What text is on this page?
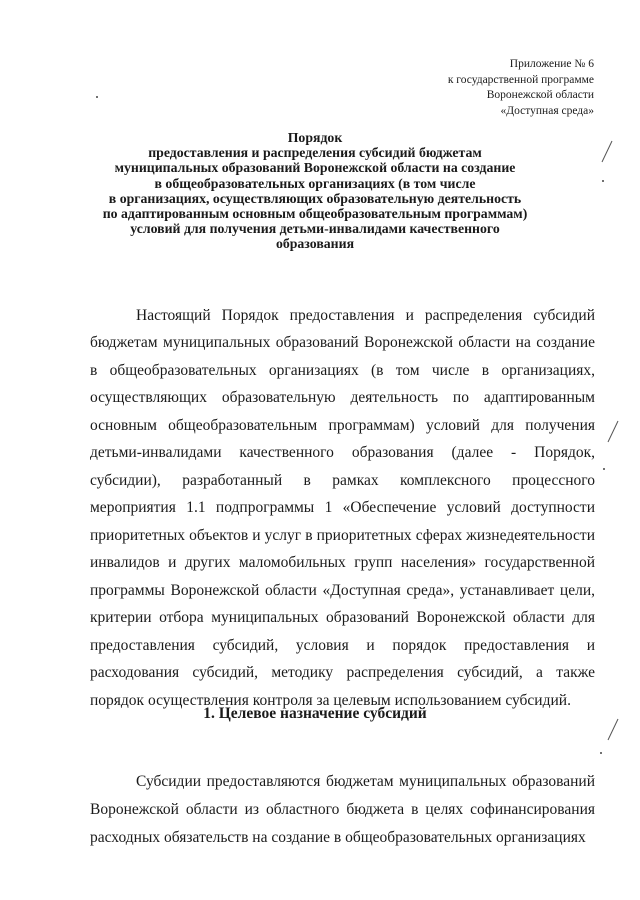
Приложение № 6
к государственной программе
Воронежской области
«Доступная среда»
Порядок
предоставления и распределения субсидий бюджетам
муниципальных образований Воронежской области на создание
в общеобразовательных организациях (в том числе
в организациях, осуществляющих образовательную деятельность
по адаптированным основным общеобразовательным программам)
условий для получения детьми-инвалидами качественного
образования

Настоящий Порядок предоставления и распределения субсидий бюджетам муниципальных образований Воронежской области на создание в общеобразовательных организациях (в том числе в организациях, осуществляющих образовательную деятельность по адаптированным основным общеобразовательным программам) условий для получения детьми-инвалидами качественного образования (далее - Порядок, субсидии), разработанный в рамках комплексного процессного мероприятия 1.1 подпрограммы 1 «Обеспечение условий доступности приоритетных объектов и услуг в приоритетных сферах жизнедеятельности инвалидов и других маломобильных групп населения» государственной программы Воронежской области «Доступная среда», устанавливает цели, критерии отбора муниципальных образований Воронежской области для предоставления субсидий, условия и порядок предоставления и расходования субсидий, методику распределения субсидий, а также порядок осуществления контроля за целевым использованием субсидий.

1. Целевое назначение субсидий

Субсидии предоставляются бюджетам муниципальных образований Воронежской области из областного бюджета в целях софинансирования расходных обязательств на создание в общеобразовательных организациях
